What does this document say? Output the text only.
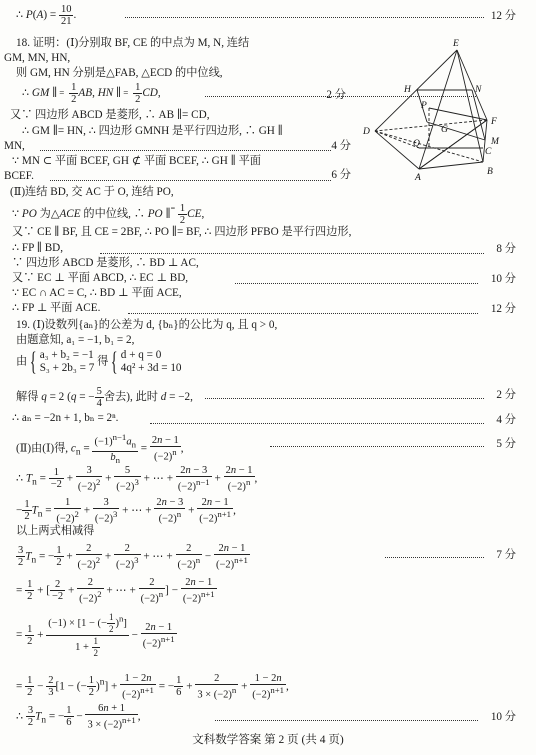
∴ $P(A) = \frac{10}{21}$ .	12 分
18. 证明：(Ⅰ)分别取 BF, CE 的中点为 M, N, 连结
GM, MN, HN,
则 GM, HN 分别是△FAB, △ECD 的中位线,
∴ GM ∥ =
$\frac{1}{2}$ AB, HN ∥ =
$\frac{1}{2}$ CD,	2 分
又∵ 四边形 ABCD 是菱形, ∴ AB ∥= CD,
∴ GM ∥= HN, ∴ 四边形 GMNH 是平行四边形, ∴ GH ∥
MN,	4 分
∵ MN ⊂ 平面 BCEF, GH ⊄ 平面 BCEF, ∴ GH ∥ 平面
BCEF.	6 分
E
H	N
P
G
D
F
C
Q	M
A
B
(Ⅱ)连结 BD, 交 AC 于 O, 连结 PO,
∵ PO 为△ACE 的中位线, ∴ PO ∥= $\frac{1}{2}$ CE,
又∵ CE ∥ BF, 且 CE = 2BF, ∴ PO ∥= BF, ∴ 四边形 PFBO 是平行四边形,
∴ FP ∥ BD,	8 分
∵ 四边形 ABCD 是菱形, ∴ BD ⊥ AC,
又∵ EC ⊥ 平面 ABCD, ∴ EC ⊥ BD,	10 分
∵ EC ∩ AC = C, ∴ BD ⊥ 平面 ACE,
∴ FP ⊥ 平面 ACE.	12 分
19. (Ⅰ)设数列{aₙ}的公差为 d, {bₙ}的公比为 q, 且 q > 0,
由题意知, a₁ = −1, b₁ = 2,
由 { a₃ + b₂ = −1
S₃ + 2b₃ = 7 得 { d + q = 0
4q² + 3d = 10
解得 q = 2 (q = − $\frac{5}{4}$ 舍去), 此时 d = −2,	2 分
∴ aₙ = −2n + 1, bₙ = 2ⁿ.	4 分
(Ⅱ)由(Ⅰ)得, $c_n = \frac{(-1)^{n-1}a_n}{b_n} = \frac{2n - 1}{(-2)^n}$ ,	5 分
∴ $T_n = \frac{1}{-2} + \frac{3}{(-2)^2} + \frac{5}{(-2)^3}$ + ⋯ + $\frac{2n - 3}{(-2)^{n-1}} + \frac{2n - 1}{(-2)^n}$ ,
− $\frac{1}{2} T_n = \frac{1}{(-2)^2} + \frac{3}{(-2)^3}$ + ⋯ + $\frac{2n - 3}{(-2)^n} + \frac{2n - 1}{(-2)^{n+1}}$ ,
以上两式相减得
$\frac{3}{2} T_n$ = − $\frac{1}{2} + \frac{2}{(-2)^2} + \frac{2}{(-2)^3}$ + ⋯ + $\frac{2}{(-2)^n} - \frac{2n - 1}{(-2)^{n+1}}$	7 分
= $\frac{1}{2}$ + [ $\frac{2}{-2} + \frac{2}{(-2)^2}$ + ⋯ + $\frac{2}{(-2)^n}$ ] − $\frac{2n - 1}{(-2)^{n+1}}$
= $\frac{1}{2} + \frac{(-1) \times [1 - (- \frac{1}{2} )^n]}{1 + \frac{1}{2}} - \frac{2n - 1}{(-2)^{n+1}}$
= $\frac{1}{2} - \frac{2}{3} [1$ − (− $\frac{1}{2} )^n] + \frac{1 - 2n}{(-2)^{n+1}}$ = − $\frac{1}{6} + \frac{2}{3 \times (-2)^n} + \frac{1 - 2n}{(-2)^{n+1}}$ ,
∴ $\frac{3}{2} T_n$ = − $\frac{1}{6} - \frac{6n + 1}{3 \times (-2)^{n+1}}$ ,	10 分
文科数学答案 第 2 页 (共 4 页)
